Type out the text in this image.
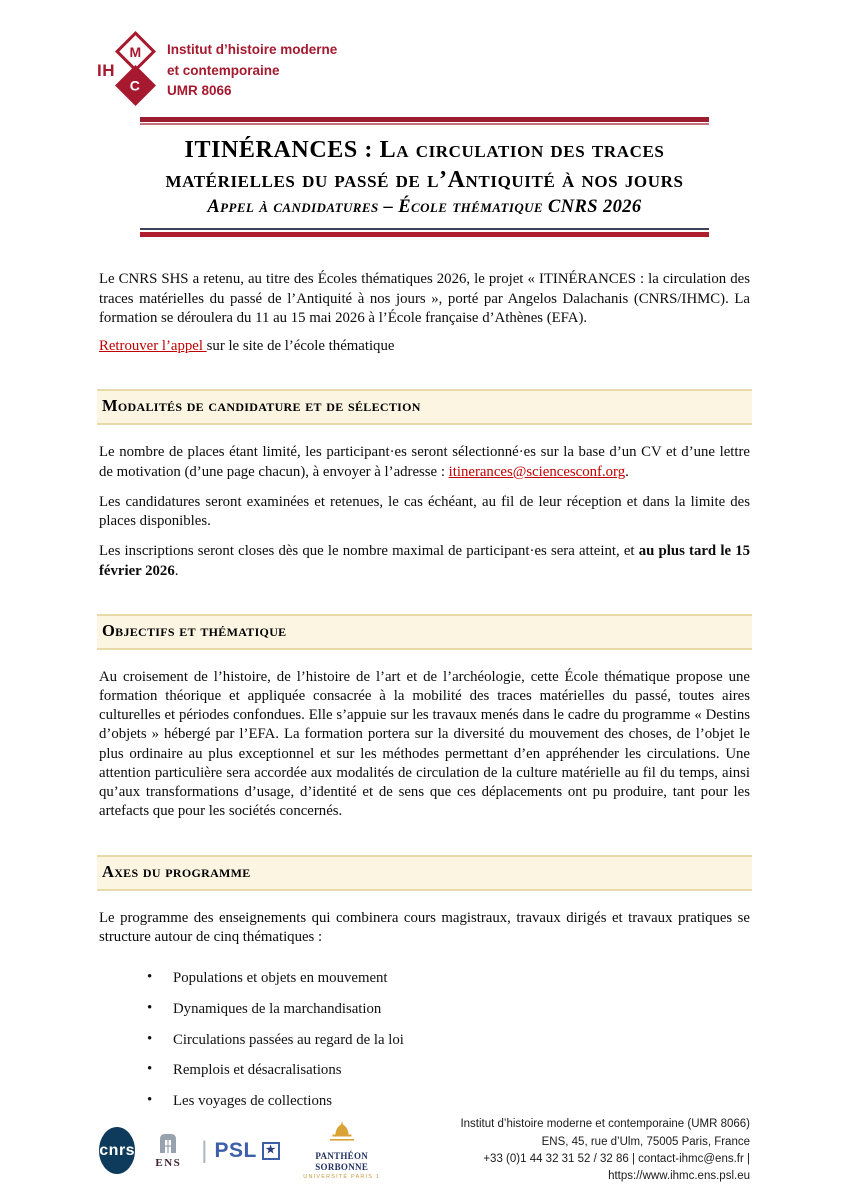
IH
M
C
Institut d’histoire moderne
et contemporaine
UMR 8066
ITINÉRANCES : La circulation des traces
matérielles du passé de l’Antiquité à nos jours
Appel à candidatures – École thématique CNRS 2026

Le CNRS SHS a retenu, au titre des Écoles thématiques 2026, le projet « ITINÉRANCES : la circulation des traces matérielles du passé de l’Antiquité à nos jours », porté par Angelos Dalachanis (CNRS/IHMC). La formation se déroulera du 11 au 15 mai 2026 à l’École française d’Athènes (EFA).

Retrouver l’appel sur le site de l’école thématique

Modalités de candidature et de sélection

Le nombre de places étant limité, les participant·es seront sélectionné·es sur la base d’un CV et d’une lettre de motivation (d’une page chacun), à envoyer à l’adresse : itinerances@sciencesconf.org.

Les candidatures seront examinées et retenues, le cas échéant, au fil de leur réception et dans la limite des places disponibles.

Les inscriptions seront closes dès que le nombre maximal de participant·es sera atteint, et au plus tard le 15 février 2026.

Objectifs et thématique

Au croisement de l’histoire, de l’histoire de l’art et de l’archéologie, cette École thématique propose une formation théorique et appliquée consacrée à la mobilité des traces matérielles du passé, toutes aires culturelles et périodes confondues. Elle s’appuie sur les travaux menés dans le cadre du programme « Destins d’objets » hébergé par l’EFA. La formation portera sur la diversité du mouvement des choses, de l’objet le plus ordinaire au plus exceptionnel et sur les méthodes permettant d’en appréhender les circulations. Une attention particulière sera accordée aux modalités de circulation de la culture matérielle au fil du temps, ainsi qu’aux transformations d’usage, d’identité et de sens que ces déplacements ont pu produire, tant pour les artefacts que pour les sociétés concernés.

Axes du programme

Le programme des enseignements qui combinera cours magistraux, travaux dirigés et travaux pratiques se structure autour de cinq thématiques :

• Populations et objets en mouvement
• Dynamiques de la marchandisation
• Circulations passées au regard de la loi
• Remplois et désacralisations
• Les voyages de collections
cnrs
ENS | PSL ★	PANTHÉON SORBONNE
UNIVERSITÉ PARIS 1
Institut d’histoire moderne et contemporaine (UMR 8066)
ENS, 45, rue d’Ulm, 75005 Paris, France
+33 (0)1 44 32 31 52 / 32 86 | contact-ihmc@ens.fr | https://www.ihmc.ens.psl.eu
